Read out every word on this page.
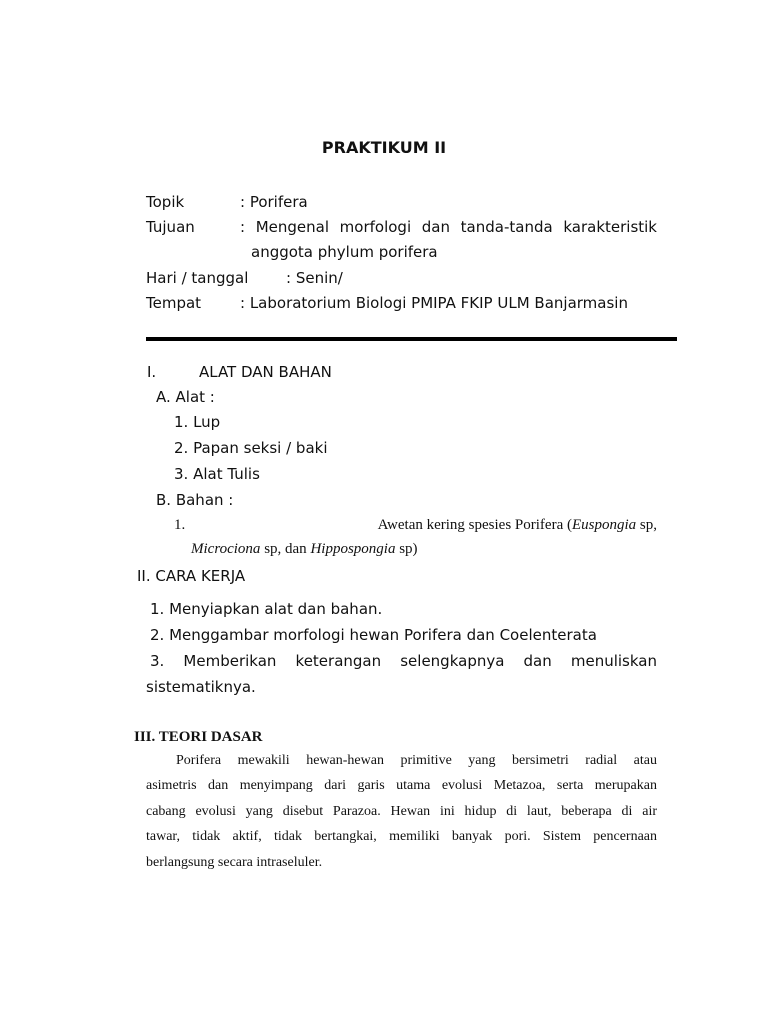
PRAKTIKUM II
Topik	: Porifera
Tujuan	: Mengenal morfologi dan tanda-tanda karakteristik
anggota phylum porifera
Hari / tanggal	: Senin/
Tempat	: Laboratorium Biologi PMIPA FKIP ULM Banjarmasin
I.	ALAT DAN BAHAN
A. Alat :
1. Lup
2. Papan seksi / baki
3. Alat Tulis
B. Bahan :
1.	Awetan kering spesies Porifera (Euspongia sp,
Microciona sp, dan Hippospongia sp)
II. CARA KERJA
1. Menyiapkan alat dan bahan.
2. Menggambar morfologi hewan Porifera dan Coelenterata
3. Memberikan keterangan selengkapnya dan menuliskan
sistematiknya.
III. TEORI DASAR
Porifera mewakili hewan-hewan primitive yang bersimetri radial atau
asimetris dan menyimpang dari garis utama evolusi Metazoa, serta merupakan
cabang evolusi yang disebut Parazoa. Hewan ini hidup di laut, beberapa di air
tawar, tidak aktif, tidak bertangkai, memiliki banyak pori. Sistem pencernaan
berlangsung secara intraseluler.
